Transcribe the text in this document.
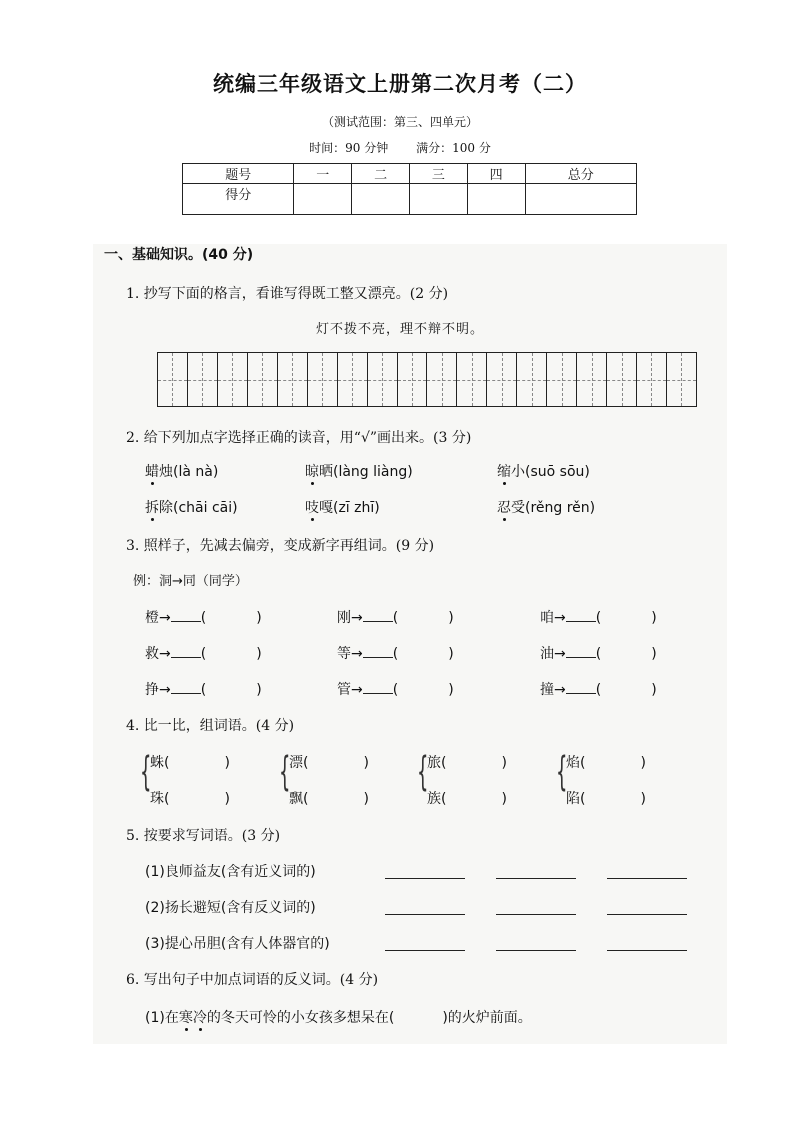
统编三年级语文上册第二次月考（二）
（测试范围：第三、四单元）
时间：90 分钟 满分：100 分
题号	一	二	三	四	总分
得分					
一、基础知识。(40 分)
1. 抄写下面的格言，看谁写得既工整又漂亮。(2 分)
灯不拨不亮，理不辩不明。
2. 给下列加点字选择正确的读音，用“√”画出来。(3 分)
蜡烛(là nà)	晾晒(làng liàng)	缩小(suō sōu)
拆除(chāi cāi)	吱嘎(zī zhī)	忍受(rěng rěn)
3. 照样子，先减去偏旁，变成新字再组词。(9 分)
例：洞→同（同学）
橙→ (	)	刚→ (	)	咱→ (	)
救→ (	)	等→ (	)	油→ (	)
挣→ (	)	管→ (	)	撞→ (	)
4. 比一比，组词语。(4 分)
{
蛛(	)
珠(	)
{
漂(	)
飘(	)
{
旅(	)
族(	)
{
焰(	)
陷(	)
5. 按要求写词语。(3 分)
(1)良师益友(含有近义词的)
(2)扬长避短(含有反义词的)
(3)提心吊胆(含有人体器官的)
6. 写出句子中加点词语的反义词。(4 分)
(1)在寒冷的冬天可怜的小女孩多想呆在(	)的火炉前面。
